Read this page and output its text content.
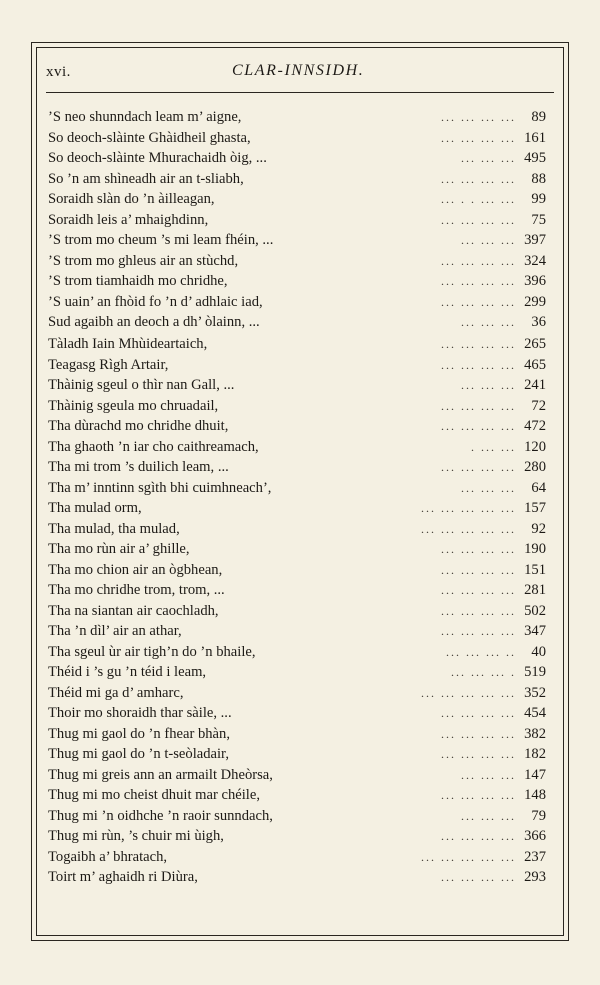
xvi.	CLAR-INNSIDH.
’S neo shunndach leam m’ aigne,	... ... ... ...	89
So deoch-slàinte Ghàidheil ghasta,	... ... ... ... 161
So deoch-slàinte Mhurachaidh òig, ...	... ... ... 495
So ’n am shìneadh air an t-sliabh,	... ... ... ...	88
Soraidh slàn do ’n àilleagan,	... . . ... ...	99
Soraidh leis a’ mhaighdinn,	... ... ... ...	75
’S trom mo cheum ’s mi leam fhéin, ...	... ... ... 397
’S trom mo ghleus air an stùchd,	... ... ... ... 324
’S trom tiamhaidh mo chridhe,	... ... ... ... 396
’S uain’ an fhòid fo ’n d’ adhlaic iad,	... ... ... ... 299
Sud agaibh an deoch a dh’ òlainn, ...	... ... ...	36
Tàladh Iain Mhùideartaich,	... ... ... ... 265
Teagasg Rìgh Artair,	... ... ... ... 465
Thàinig sgeul o thìr nan Gall, ...	... ... ... 241
Thàinig sgeula mo chruadail,	... ... ... ...	72
Tha dùrachd mo chridhe dhuit,	... ... ... ... 472
Tha ghaoth ’n iar cho caithreamach,	. ... ... 120
Tha mi trom ’s duilich leam, ...	... ... ... ... 280
Tha m’ inntinn sgìth bhi cuimhneach’,	... ... ...	64
Tha mulad orm,	... ... ... ... ... 157
Tha mulad, tha mulad,	... ... ... ... ...	92
Tha mo rùn air a’ ghille,	... ... ... ... 190
Tha mo chion air an ògbhean,	... ... ... ... 151
Tha mo chridhe trom, trom, ...	... ... ... ... 281
Tha na siantan air caochladh,	... ... ... ... 502
Tha ’n dìl’ air an athar,	... ... ... ... 347
Tha sgeul ùr air tigh’n do ’n bhaile,	... ... ... ..	40
Théid i ’s gu ’n téid i leam,	... ... ... . 519
Théid mi ga d’ amharc,	... ... ... ... ... 352
Thoir mo shoraidh thar sàile, ...	... ... ... ... 454
Thug mi gaol do ’n fhear bhàn,	... ... ... ... 382
Thug mi gaol do ’n t-seòladair,	... ... ... ... 182
Thug mi greis ann an armailt Dheòrsa,	... ... ... 147
Thug mi mo cheist dhuit mar chéile,	... ... ... ... 148
Thug mi ’n oidhche ’n raoir sunndach,	... ... ...	79
Thug mi rùn, ’s chuir mi ùigh,	... ... ... ... 366
Togaibh a’ bhratach,	... ... ... ... ... 237
Toirt m’ aghaidh ri Diùra,	... ... ... ... 293
